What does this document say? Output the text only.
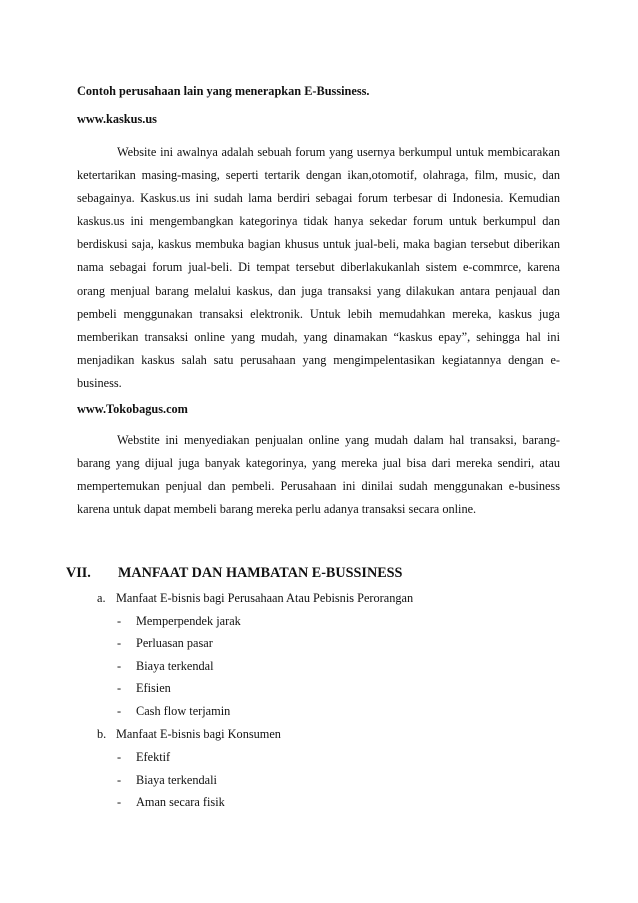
Contoh perusahaan lain yang menerapkan E-Bussiness.
www.kaskus.us

Website ini awalnya adalah sebuah forum yang usernya berkumpul untuk membicarakan ketertarikan masing-masing, seperti tertarik dengan ikan,otomotif, olahraga, film, music, dan sebagainya. Kaskus.us ini sudah lama berdiri sebagai forum terbesar di Indonesia. Kemudian kaskus.us ini mengembangkan kategorinya tidak hanya sekedar forum untuk berkumpul dan berdiskusi saja, kaskus membuka bagian khusus untuk jual-beli, maka bagian tersebut diberikan nama sebagai forum jual-beli. Di tempat tersebut diberlakukanlah sistem e-commrce, karena orang menjual barang melalui kaskus, dan juga transaksi yang dilakukan antara penjaual dan pembeli menggunakan transaksi elektronik. Untuk lebih memudahkan mereka, kaskus juga memberikan transaksi online yang mudah, yang dinamakan “kaskus epay”, sehingga hal ini menjadikan kaskus salah satu perusahaan yang mengimpelentasikan kegiatannya dengan e-business.

www.Tokobagus.com

Webstite ini menyediakan penjualan online yang mudah dalam hal transaksi, barang-barang yang dijual juga banyak kategorinya, yang mereka jual bisa dari mereka sendiri, atau mempertemukan penjual dan pembeli. Perusahaan ini dinilai sudah menggunakan e-business karena untuk dapat membeli barang mereka perlu adanya transaksi secara online.

VII. MANFAAT DAN HAMBATAN E-BUSSINESS
a. Manfaat E-bisnis bagi Perusahaan Atau Pebisnis Perorangan
- Memperpendek jarak
- Perluasan pasar
- Biaya terkendal
- Efisien
- Cash flow terjamin
b. Manfaat E-bisnis bagi Konsumen
- Efektif
- Biaya terkendali
- Aman secara fisik
